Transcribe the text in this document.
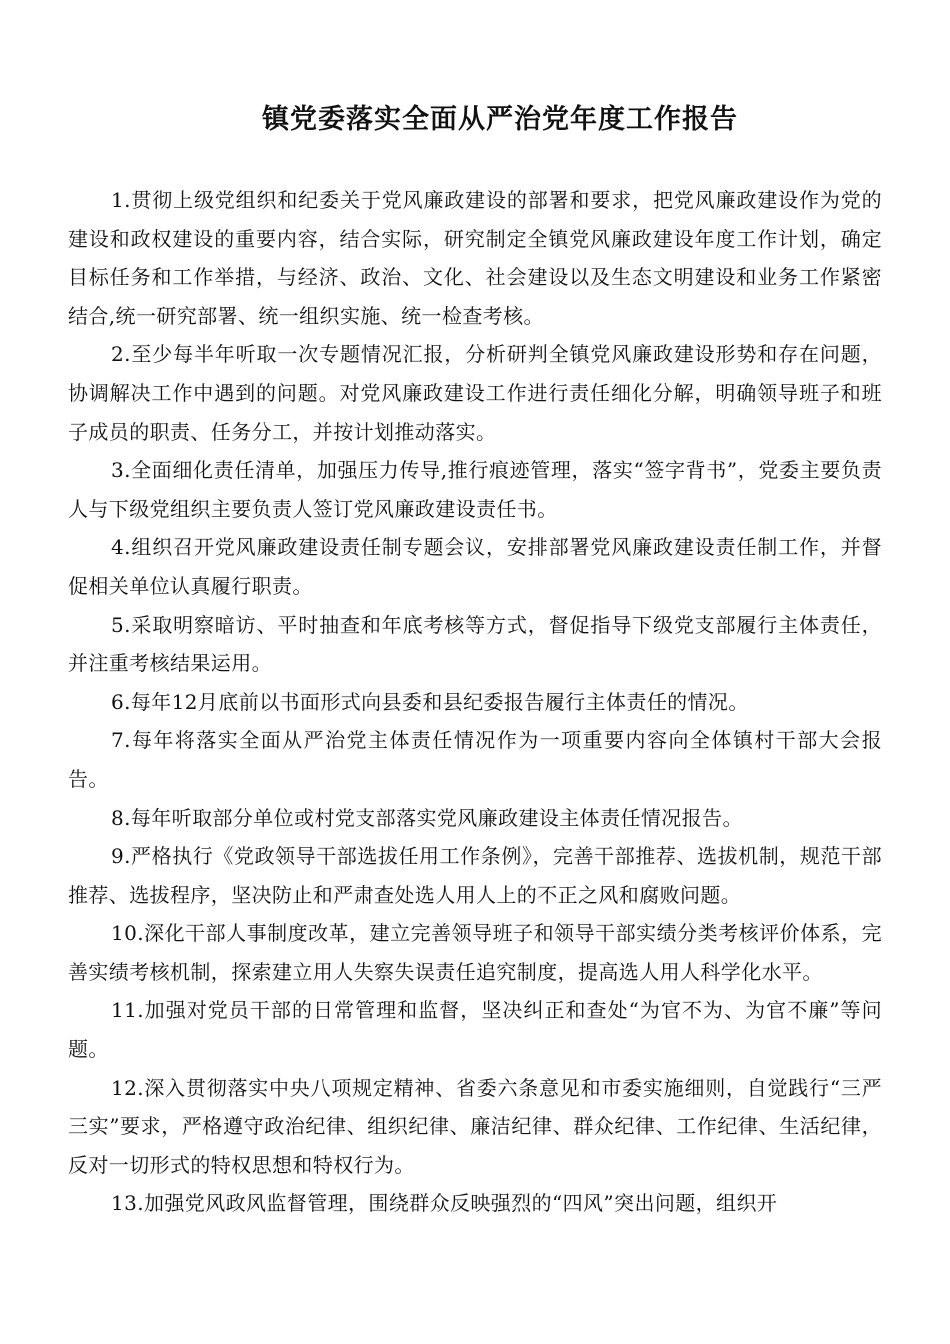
镇党委落实全面从严治党年度工作报告

1.贯彻上级党组织和纪委关于党风廉政建设的部署和要求，把党风廉政建设作为党的建设和政权建设的重要内容，结合实际，研究制定全镇党风廉政建设年度工作计划，确定目标任务和工作举措，与经济、政治、文化、社会建设以及生态文明建设和业务工作紧密结合,统一研究部署、统一组织实施、统一检查考核。

2.至少每半年听取一次专题情况汇报，分析研判全镇党风廉政建设形势和存在问题，协调解决工作中遇到的问题。对党风廉政建设工作进行责任细化分解，明确领导班子和班子成员的职责、任务分工，并按计划推动落实。

3.全面细化责任清单，加强压力传导,推行痕迹管理，落实“签字背书”，党委主要负责人与下级党组织主要负责人签订党风廉政建设责任书。

4.组织召开党风廉政建设责任制专题会议，安排部署党风廉政建设责任制工作，并督促相关单位认真履行职责。

5.采取明察暗访、平时抽查和年底考核等方式，督促指导下级党支部履行主体责任，并注重考核结果运用。

6.每年12月底前以书面形式向县委和县纪委报告履行主体责任的情况。

7.每年将落实全面从严治党主体责任情况作为一项重要内容向全体镇村干部大会报告。

8.每年听取部分单位或村党支部落实党风廉政建设主体责任情况报告。

9.严格执行《党政领导干部选拔任用工作条例》，完善干部推荐、选拔机制，规范干部推荐、选拔程序，坚决防止和严肃查处选人用人上的不正之风和腐败问题。

10.深化干部人事制度改革，建立完善领导班子和领导干部实绩分类考核评价体系，完善实绩考核机制，探索建立用人失察失误责任追究制度，提高选人用人科学化水平。

11.加强对党员干部的日常管理和监督，坚决纠正和查处“为官不为、为官不廉”等问题。

12.深入贯彻落实中央八项规定精神、省委六条意见和市委实施细则，自觉践行“三严三实”要求，严格遵守政治纪律、组织纪律、廉洁纪律、群众纪律、工作纪律、生活纪律，反对一切形式的特权思想和特权行为。

13.加强党风政风监督管理，围绕群众反映强烈的“四风”突出问题，组织开
